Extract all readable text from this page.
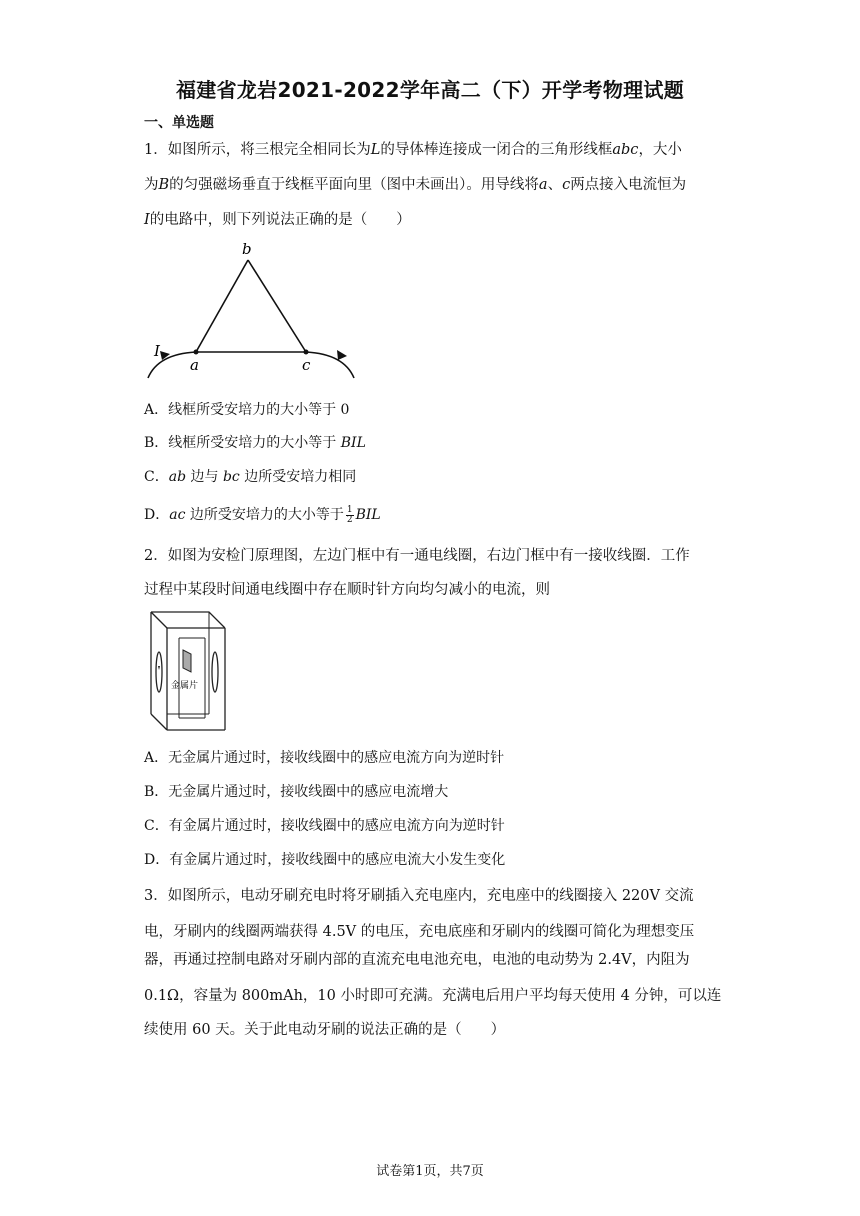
福建省龙岩2021-2022学年高二（下）开学考物理试题
一、单选题
1．如图所示，将三根完全相同长为L的导体棒连接成一闭合的三角形线框abc，大小
为B的匀强磁场垂直于线框平面向里（图中未画出）。用导线将a、c两点接入电流恒为
I的电路中，则下列说法正确的是（　　）
b
a	c
I
A．线框所受安培力的大小等于 0
B．线框所受安培力的大小等于 BIL
C．ab 边与 bc 边所受安培力相同
D．ac 边所受安培力的大小等于 $\frac{1}{2}$ BIL
2．如图为安检门原理图，左边门框中有一通电线圈，右边门框中有一接收线圈．工作
过程中某段时间通电线圈中存在顺时针方向均匀减小的电流，则
金属片
A．无金属片通过时，接收线圈中的感应电流方向为逆时针
B．无金属片通过时，接收线圈中的感应电流增大
C．有金属片通过时，接收线圈中的感应电流方向为逆时针
D．有金属片通过时，接收线圈中的感应电流大小发生变化
3．如图所示，电动牙刷充电时将牙刷插入充电座内，充电座中的线圈接入 220V 交流
电，牙刷内的线圈两端获得 4.5V 的电压，充电底座和牙刷内的线圈可简化为理想变压
器，再通过控制电路对牙刷内部的直流充电电池充电，电池的电动势为 2.4V，内阻为
0.1Ω，容量为 800mAh，10 小时即可充满。充满电后用户平均每天使用 4 分钟，可以连
续使用 60 天。关于此电动牙刷的说法正确的是（　　）
试卷第1页，共7页
